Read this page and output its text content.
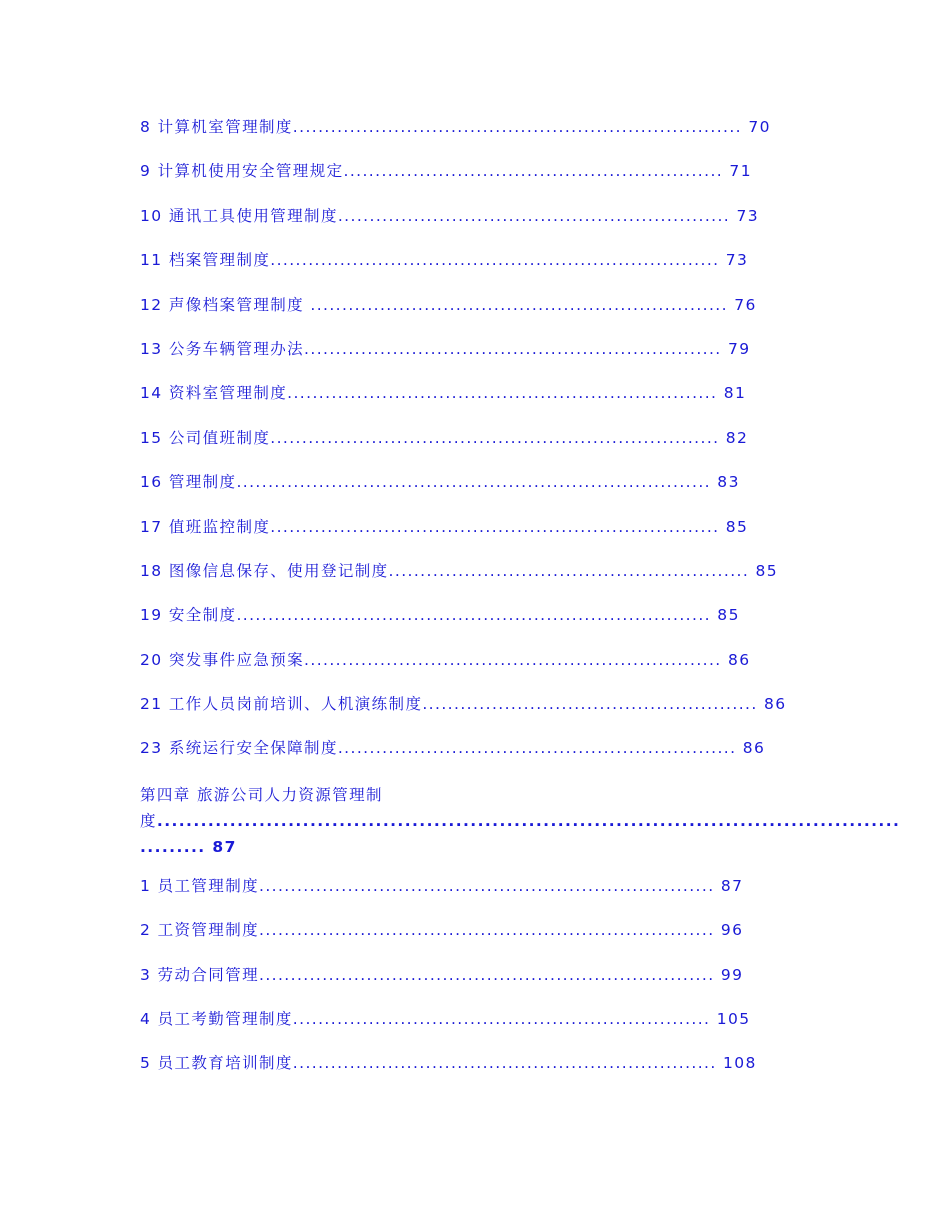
8 计算机室管理制度....................................................................... 70
9 计算机使用安全管理规定............................................................ 71
10 通讯工具使用管理制度.............................................................. 73
11 档案管理制度....................................................................... 73
12 声像档案管理制度 .................................................................. 76
13 公务车辆管理办法.................................................................. 79
14 资料室管理制度.................................................................... 81
15 公司值班制度....................................................................... 82
16 管理制度........................................................................... 83
17 值班监控制度....................................................................... 85
18 图像信息保存、使用登记制度......................................................... 85
19 安全制度........................................................................... 85
20 突发事件应急预案.................................................................. 86
21 工作人员岗前培训、人机演练制度..................................................... 86
23 系统运行安全保障制度............................................................... 86
第四章 旅游公司人力资源管理制
度......................................................................................................
......... 87
1 员工管理制度........................................................................ 87
2 工资管理制度........................................................................ 96
3 劳动合同管理........................................................................ 99
4 员工考勤管理制度.................................................................. 105
5 员工教育培训制度................................................................... 108
